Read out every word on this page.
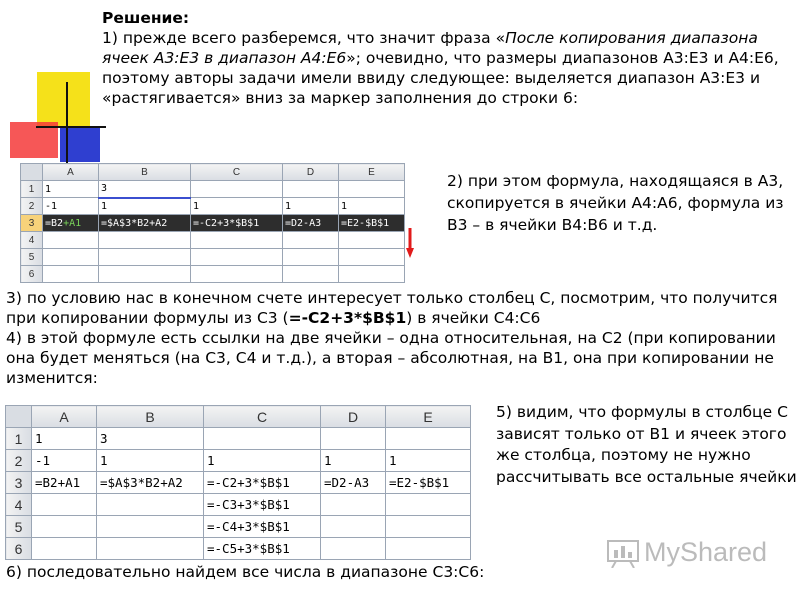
Решение:
1) прежде всего разберемся, что значит фраза «После копирования диапазона ячеек A3:E3 в диапазон A4:E6»; очевидно, что размеры диапазонов A3:E3 и A4:E6, поэтому авторы задачи имели ввиду следующее: выделяется диапазон A3:E3 и «растягивается» вниз за маркер заполнения до строки 6:
	A	B	C	D	E
1	1	3			
2	-1	1	1	1	1
3	=B2+A1	=$A$3*B2+A2	=-C2+3*$B$1	=D2-A3	=E2-$B$1
4					
5					
6					
2) при этом формула, находящаяся в A3, скопируется в ячейки A4:A6, формула из B3 – в ячейки B4:B6 и т.д.
3) по условию нас в конечном счете интересует только столбец C, посмотрим, что получится при копировании формулы из C3 (=-C2+3*$B$1) в ячейки C4:C6
4) в этой формуле есть ссылки на две ячейки – одна относительная, на C2 (при копировании она будет меняться (на C3, C4 и т.д.), а вторая – абсолютная, на B1, она при копировании не изменится:
	A	B	C	D	E
1	1	3			
2	-1	1	1	1	1
3	=B2+A1	=$A$3*B2+A2	=-C2+3*$B$1	=D2-A3	=E2-$B$1
4			=-C3+3*$B$1		
5			=-C4+3*$B$1		
6			=-C5+3*$B$1		
5) видим, что формулы в столбце C зависят только от B1 и ячеек этого же столбца, поэтому не нужно рассчитывать все остальные ячейки
6) последовательно найдем все числа в диапазоне C3:C6:
MyShared
